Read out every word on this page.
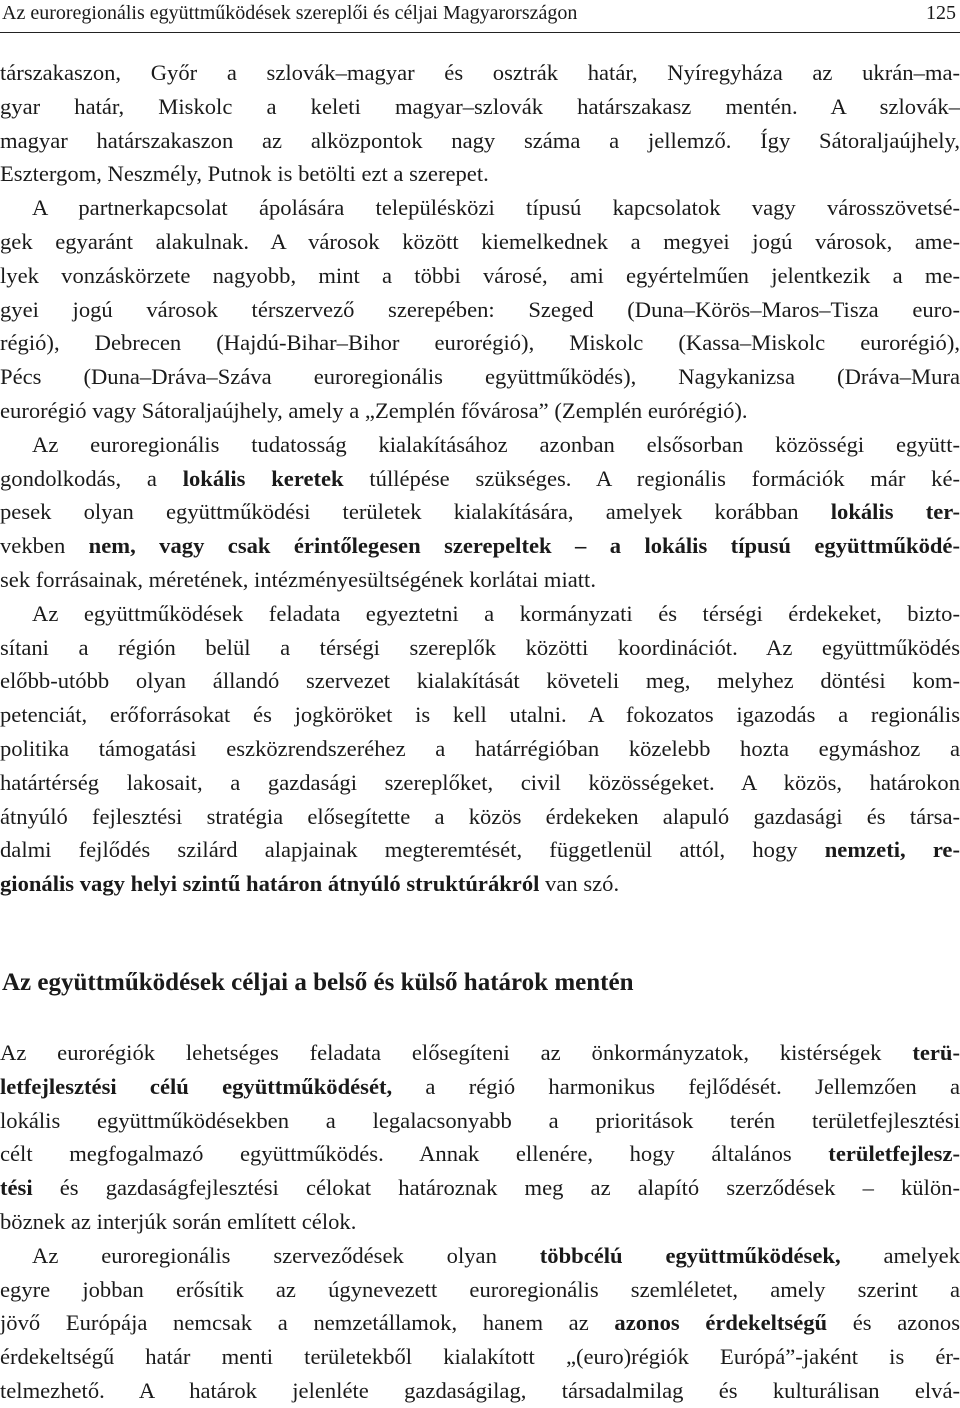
Az euroregionális együttműködések szereplői és céljai Magyarországon	125
társzakaszon, Győr a szlovák–magyar és osztrák határ, Nyíregyháza az ukrán–ma-
gyar határ, Miskolc a keleti magyar–szlovák határszakasz mentén. A szlovák–
magyar határszakaszon az alközpontok nagy száma a jellemző. Így Sátoraljaújhely,
Esztergom, Neszmély, Putnok is betölti ezt a szerepet.
A partnerkapcsolat ápolására településközi típusú kapcsolatok vagy városszövetsé-
gek egyaránt alakulnak. A városok között kiemelkednek a megyei jogú városok, ame-
lyek vonzáskörzete nagyobb, mint a többi városé, ami egyértelműen jelentkezik a me-
gyei jogú városok térszervező szerepében: Szeged (Duna–Körös–Maros–Tisza euro-
régió), Debrecen (Hajdú-Bihar–Bihor eurorégió), Miskolc (Kassa–Miskolc eurorégió),
Pécs (Duna–Dráva–Száva euroregionális együttműködés), Nagykanizsa (Dráva–Mura
eurorégió vagy Sátoraljaújhely, amely a „Zemplén fővárosa” (Zemplén eurórégió).
Az euroregionális tudatosság kialakításához azonban elsősorban közösségi együtt-
gondolkodás, a lokális keretek túllépése szükséges. A regionális formációk már ké-
pesek olyan együttműködési területek kialakítására, amelyek korábban lokális ter-
vekben nem, vagy csak érintőlegesen szerepeltek – a lokális típusú együttműködé-
sek forrásainak, méretének, intézményesültségének korlátai miatt.
Az együttműködések feladata egyeztetni a kormányzati és térségi érdekeket, bizto-
sítani a régión belül a térségi szereplők közötti koordinációt. Az együttműködés
előbb-utóbb olyan állandó szervezet kialakítását követeli meg, melyhez döntési kom-
petenciát, erőforrásokat és jogköröket is kell utalni. A fokozatos igazodás a regionális
politika támogatási eszközrendszeréhez a határrégióban közelebb hozta egymáshoz a
határtérség lakosait, a gazdasági szereplőket, civil közösségeket. A közös, határokon
átnyúló fejlesztési stratégia elősegítette a közös érdekeken alapuló gazdasági és társa-
dalmi fejlődés szilárd alapjainak megteremtését, függetlenül attól, hogy nemzeti, re-
gionális vagy helyi szintű határon átnyúló struktúrákról van szó.
Az együttműködések céljai a belső és külső határok mentén
Az eurorégiók lehetséges feladata elősegíteni az önkormányzatok, kistérségek terü-
letfejlesztési célú együttműködését, a régió harmonikus fejlődését. Jellemzően a
lokális együttműködésekben a legalacsonyabb a prioritások terén területfejlesztési
célt megfogalmazó együttműködés. Annak ellenére, hogy általános területfejlesz-
tési és gazdaságfejlesztési célokat határoznak meg az alapító szerződések – külön-
böznek az interjúk során említett célok.
Az euroregionális szerveződések olyan többcélú együttműködések, amelyek
egyre jobban erősítik az úgynevezett euroregionális szemléletet, amely szerint a
jövő Európája nemcsak a nemzetállamok, hanem az azonos érdekeltségű és azonos
érdekeltségű határ menti területekből kialakított „(euro)régiók Európá”-jaként is ér-
telmezhető. A határok jelenléte gazdaságilag, társadalmilag és kulturálisan elvá-
